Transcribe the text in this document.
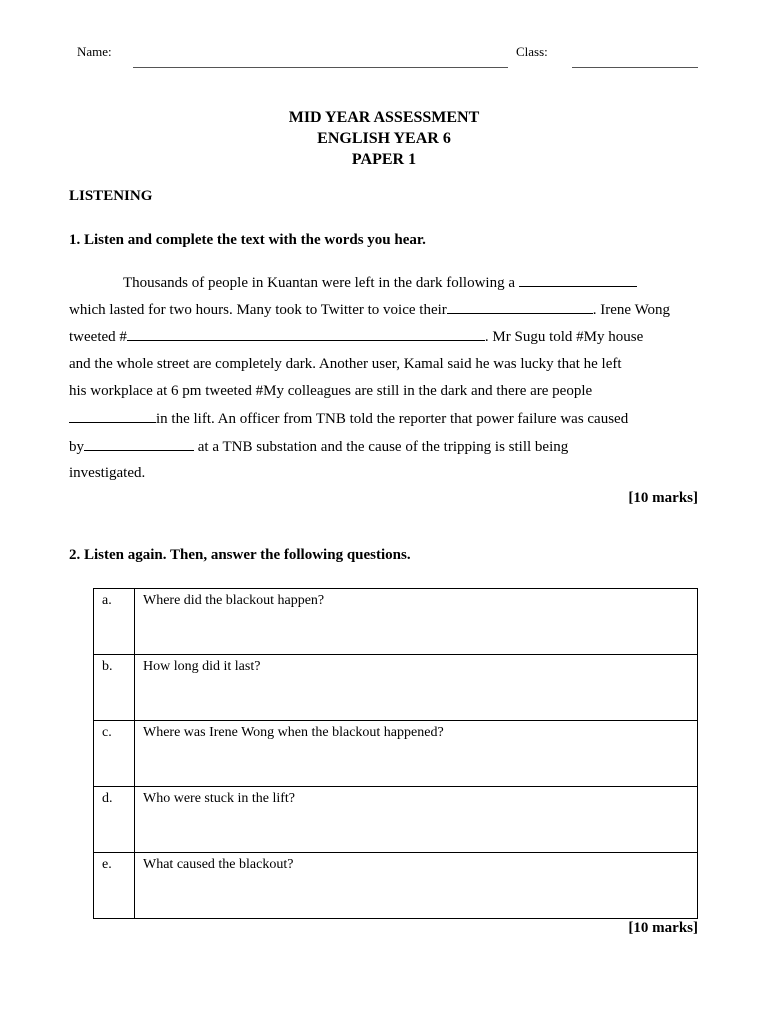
Name:	Class:
MID YEAR ASSESSMENT
ENGLISH YEAR 6
PAPER 1
LISTENING
1. Listen and complete the text with the words you hear.
Thousands of people in Kuantan were left in the dark following a
which lasted for two hours. Many took to Twitter to voice their	. Irene Wong
tweeted #	. Mr Sugu told #My house
and the whole street are completely dark. Another user, Kamal said he was lucky that he left
his workplace at 6 pm tweeted #My colleagues are still in the dark and there are people
in the lift. An officer from TNB told the reporter that power failure was caused
by	at a TNB substation and the cause of the tripping is still being
investigated.
[10 marks]
2. Listen again. Then, answer the following questions.
a.	Where did the blackout happen?
b.	How long did it last?
c.	Where was Irene Wong when the blackout happened?
d.	Who were stuck in the lift?
e.	What caused the blackout?
[10 marks]
